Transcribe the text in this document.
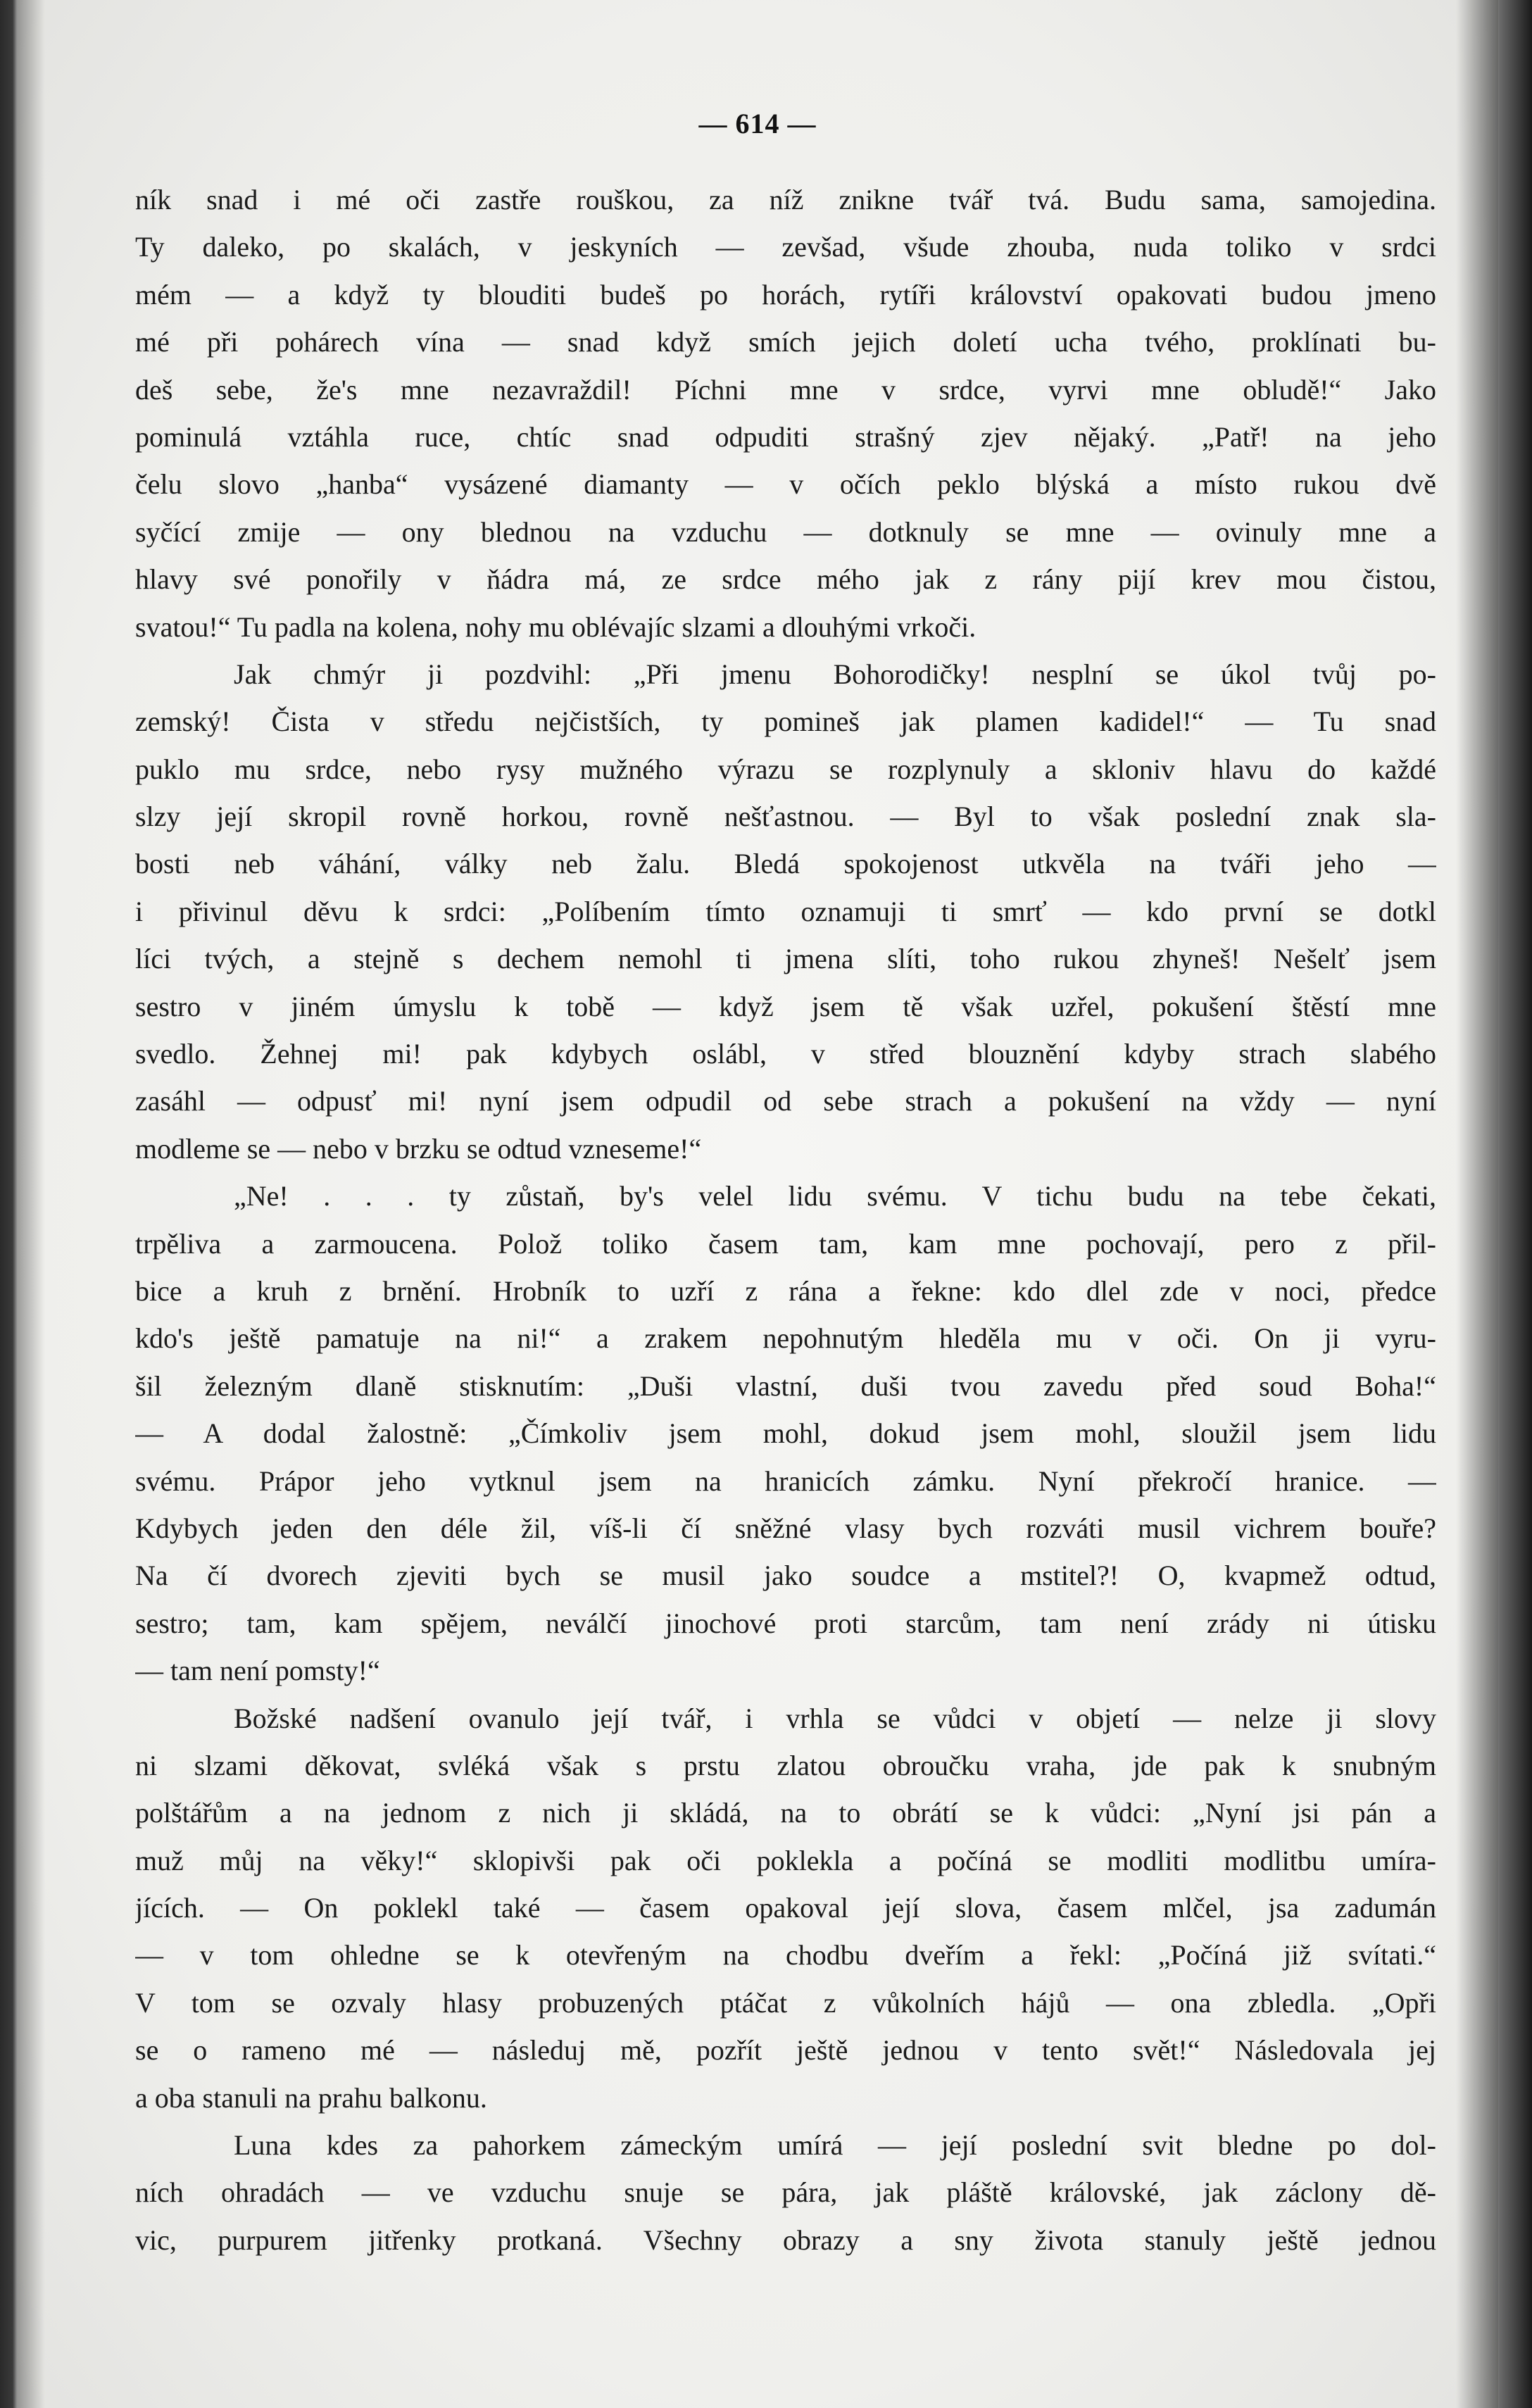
— 614 —
ník snad i mé oči zastře rouškou, za níž znikne tvář tvá. Budu sama, samojedina.
Ty daleko, po skalách, v jeskyních — zevšad, všude zhouba, nuda toliko v srdci
mém — a když ty blouditi budeš po horách, rytíři království opakovati budou jmeno
mé při pohárech vína — snad když smích jejich doletí ucha tvého, proklínati bu-
deš sebe, že's mne nezavraždil! Píchni mne v srdce, vyrvi mne obludě!“ Jako
pominulá vztáhla ruce, chtíc snad odpuditi strašný zjev nějaký. „Patř! na jeho
čelu slovo „hanba“ vysázené diamanty — v očích peklo blýská a místo rukou dvě
syčící zmije — ony blednou na vzduchu — dotknuly se mne — ovinuly mne a
hlavy své ponořily v ňádra má, ze srdce mého jak z rány pijí krev mou čistou,
svatou!“ Tu padla na kolena, nohy mu oblévajíc slzami a dlouhými vrkoči.
Jak chmýr ji pozdvihl: „Při jmenu Bohorodičky! nesplní se úkol tvůj po-
zemský! Čista v středu nejčistších, ty pomineš jak plamen kadidel!“ — Tu snad
puklo mu srdce, nebo rysy mužného výrazu se rozplynuly a skloniv hlavu do každé
slzy její skropil rovně horkou, rovně nešťastnou. — Byl to však poslední znak sla-
bosti neb váhání, války neb žalu. Bledá spokojenost utkvěla na tváři jeho —
i přivinul děvu k srdci: „Políbením tímto oznamuji ti smrť — kdo první se dotkl
líci tvých, a stejně s dechem nemohl ti jmena slíti, toho rukou zhyneš! Nešelť jsem
sestro v jiném úmyslu k tobě — když jsem tě však uzřel, pokušení štěstí mne
svedlo. Žehnej mi! pak kdybych oslábl, v střed blouznění kdyby strach slabého
zasáhl — odpusť mi! nyní jsem odpudil od sebe strach a pokušení na vždy — nyní
modleme se — nebo v brzku se odtud vzneseme!“
„Ne! . . . ty zůstaň, by's velel lidu svému. V tichu budu na tebe čekati,
trpěliva a zarmoucena. Polož toliko časem tam, kam mne pochovají, pero z přil-
bice a kruh z brnění. Hrobník to uzří z rána a řekne: kdo dlel zde v noci, předce
kdo's ještě pamatuje na ni!“ a zrakem nepohnutým hleděla mu v oči. On ji vyru-
šil železným dlaně stisknutím: „Duši vlastní, duši tvou zavedu před soud Boha!“
— A dodal žalostně: „Čímkoliv jsem mohl, dokud jsem mohl, sloužil jsem lidu
svému. Prápor jeho vytknul jsem na hranicích zámku. Nyní překročí hranice. —
Kdybych jeden den déle žil, víš-li čí sněžné vlasy bych rozváti musil vichrem bouře?
Na čí dvorech zjeviti bych se musil jako soudce a mstitel?! O, kvapmež odtud,
sestro; tam, kam spějem, neválčí jinochové proti starcům, tam není zrády ni útisku
— tam není pomsty!“
Božské nadšení ovanulo její tvář, i vrhla se vůdci v objetí — nelze ji slovy
ni slzami děkovat, svléká však s prstu zlatou obroučku vraha, jde pak k snubným
polštářům a na jednom z nich ji skládá, na to obrátí se k vůdci: „Nyní jsi pán a
muž můj na věky!“ sklopivši pak oči poklekla a počíná se modliti modlitbu umíra-
jících. — On poklekl také — časem opakoval její slova, časem mlčel, jsa zadumán
— v tom ohledne se k otevřeným na chodbu dveřím a řekl: „Počíná již svítati.“
V tom se ozvaly hlasy probuzených ptáčat z vůkolních hájů — ona zbledla. „Opři
se o rameno mé — následuj mě, pozřít ještě jednou v tento svět!“ Následovala jej
a oba stanuli na prahu balkonu.
Luna kdes za pahorkem zámeckým umírá — její poslední svit bledne po dol-
ních ohradách — ve vzduchu snuje se pára, jak pláště královské, jak záclony dě-
vic, purpurem jitřenky protkaná. Všechny obrazy a sny života stanuly ještě jednou
